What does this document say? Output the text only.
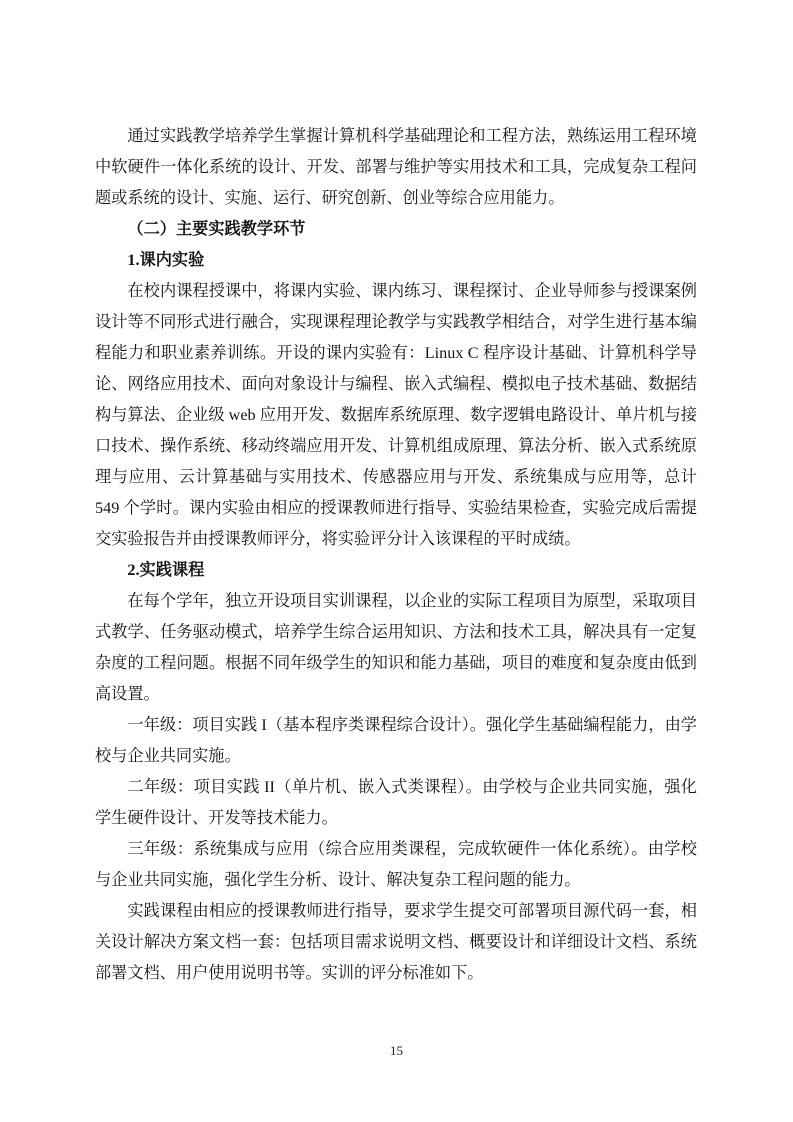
通过实践教学培养学生掌握计算机科学基础理论和工程方法，熟练运用工程环境中软硬件一体化系统的设计、开发、部署与维护等实用技术和工具，完成复杂工程问题或系统的设计、实施、运行、研究创新、创业等综合应用能力。

（二）主要实践教学环节

1.课内实验

在校内课程授课中，将课内实验、课内练习、课程探讨、企业导师参与授课案例设计等不同形式进行融合，实现课程理论教学与实践教学相结合，对学生进行基本编程能力和职业素养训练。开设的课内实验有：Linux C 程序设计基础、计算机科学导论、网络应用技术、面向对象设计与编程、嵌入式编程、模拟电子技术基础、数据结构与算法、企业级 web 应用开发、数据库系统原理、数字逻辑电路设计、单片机与接口技术、操作系统、移动终端应用开发、计算机组成原理、算法分析、嵌入式系统原理与应用、云计算基础与实用技术、传感器应用与开发、系统集成与应用等，总计 549 个学时。课内实验由相应的授课教师进行指导、实验结果检查，实验完成后需提交实验报告并由授课教师评分，将实验评分计入该课程的平时成绩。

2.实践课程

在每个学年，独立开设项目实训课程，以企业的实际工程项目为原型，采取项目式教学、任务驱动模式，培养学生综合运用知识、方法和技术工具，解决具有一定复杂度的工程问题。根据不同年级学生的知识和能力基础，项目的难度和复杂度由低到高设置。

一年级：项目实践 I（基本程序类课程综合设计）。强化学生基础编程能力，由学校与企业共同实施。

二年级：项目实践 II（单片机、嵌入式类课程）。由学校与企业共同实施，强化学生硬件设计、开发等技术能力。

三年级：系统集成与应用（综合应用类课程，完成软硬件一体化系统）。由学校与企业共同实施，强化学生分析、设计、解决复杂工程问题的能力。

实践课程由相应的授课教师进行指导，要求学生提交可部署项目源代码一套，相关设计解决方案文档一套：包括项目需求说明文档、概要设计和详细设计文档、系统部署文档、用户使用说明书等。实训的评分标准如下。

15
